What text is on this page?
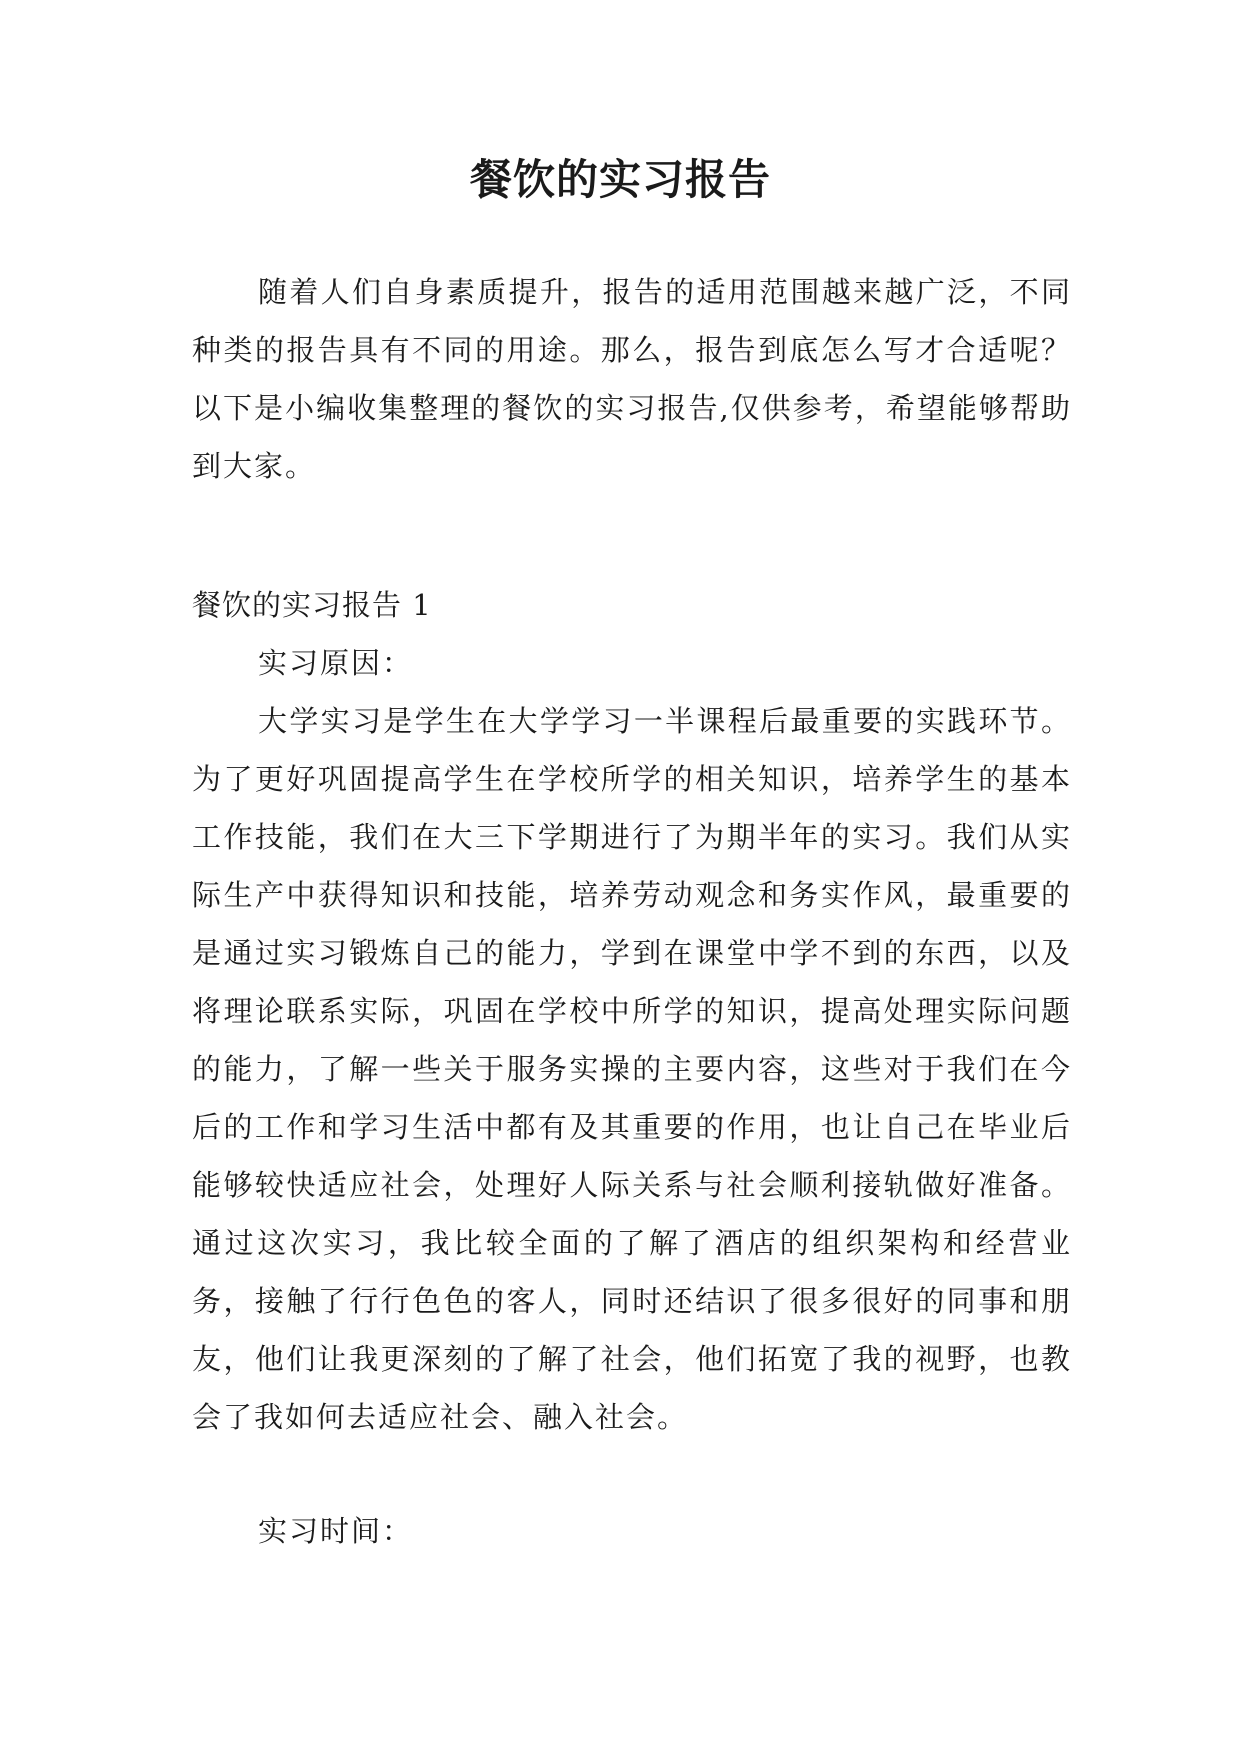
餐饮的实习报告

随着人们自身素质提升，报告的适用范围越来越广泛，不同种类的报告具有不同的用途。那么，报告到底怎么写才合适呢？以下是小编收集整理的餐饮的实习报告,仅供参考，希望能够帮助到大家。

餐饮的实习报告 1

实习原因：

大学实习是学生在大学学习一半课程后最重要的实践环节。为了更好巩固提高学生在学校所学的相关知识，培养学生的基本工作技能，我们在大三下学期进行了为期半年的实习。我们从实际生产中获得知识和技能，培养劳动观念和务实作风，最重要的是通过实习锻炼自己的能力，学到在课堂中学不到的东西，以及将理论联系实际，巩固在学校中所学的知识，提高处理实际问题的能力，了解一些关于服务实操的主要内容，这些对于我们在今后的工作和学习生活中都有及其重要的作用，也让自己在毕业后能够较快适应社会，处理好人际关系与社会顺利接轨做好准备。通过这次实习，我比较全面的了解了酒店的组织架构和经营业务，接触了行行色色的客人，同时还结识了很多很好的同事和朋友，他们让我更深刻的了解了社会，他们拓宽了我的视野，也教会了我如何去适应社会、融入社会。

实习时间：
